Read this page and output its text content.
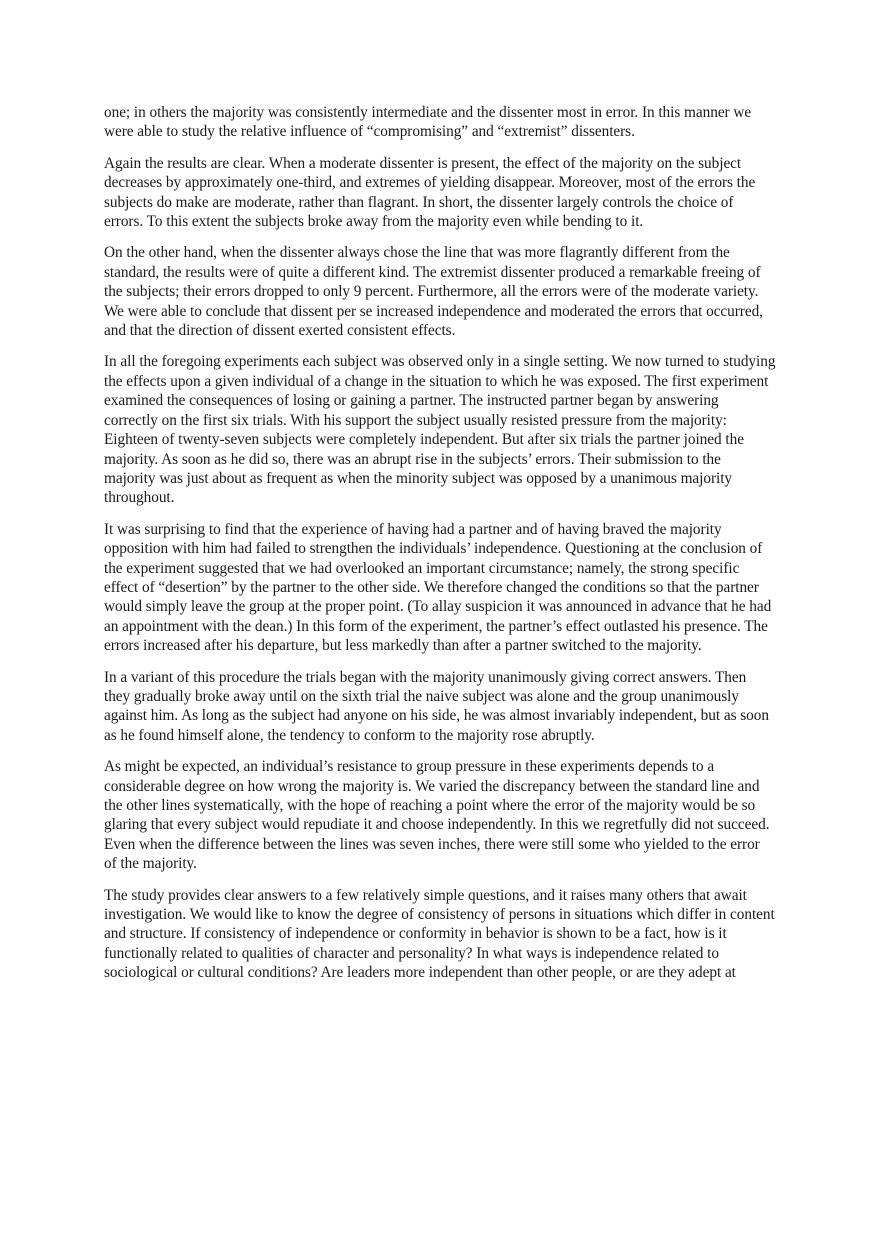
one; in others the majority was consistently intermediate and the dissenter most in error. In this manner we were able to study the relative influence of “compromising” and “extremist” dissenters.

Again the results are clear. When a moderate dissenter is present, the effect of the majority on the subject decreases by approximately one-third, and extremes of yielding disappear. Moreover, most of the errors the subjects do make are moderate, rather than flagrant. In short, the dissenter largely controls the choice of errors. To this extent the subjects broke away from the majority even while bending to it.

On the other hand, when the dissenter always chose the line that was more flagrantly different from the standard, the results were of quite a different kind. The extremist dissenter produced a remarkable freeing of the subjects; their errors dropped to only 9 percent. Furthermore, all the errors were of the moderate variety. We were able to conclude that dissent per se increased independence and moderated the errors that occurred, and that the direction of dissent exerted consistent effects.

In all the foregoing experiments each subject was observed only in a single setting. We now turned to studying the effects upon a given individual of a change in the situation to which he was exposed. The first experiment examined the consequences of losing or gaining a partner. The instructed partner began by answering correctly on the first six trials. With his support the subject usually resisted pressure from the majority: Eighteen of twenty-seven subjects were completely independent. But after six trials the partner joined the majority. As soon as he did so, there was an abrupt rise in the subjects’ errors. Their submission to the majority was just about as frequent as when the minority subject was opposed by a unanimous majority throughout.

It was surprising to find that the experience of having had a partner and of having braved the majority opposition with him had failed to strengthen the individuals’ independence. Questioning at the conclusion of the experiment suggested that we had overlooked an important circumstance; namely, the strong specific effect of “desertion” by the partner to the other side. We therefore changed the conditions so that the partner would simply leave the group at the proper point. (To allay suspicion it was announced in advance that he had an appointment with the dean.) In this form of the experiment, the partner’s effect outlasted his presence. The errors increased after his departure, but less markedly than after a partner switched to the majority.

In a variant of this procedure the trials began with the majority unanimously giving correct answers. Then they gradually broke away until on the sixth trial the naive subject was alone and the group unanimously against him. As long as the subject had anyone on his side, he was almost invariably independent, but as soon as he found himself alone, the tendency to conform to the majority rose abruptly.

As might be expected, an individual’s resistance to group pressure in these experiments depends to a considerable degree on how wrong the majority is. We varied the discrepancy between the standard line and the other lines systematically, with the hope of reaching a point where the error of the majority would be so glaring that every subject would repudiate it and choose independently. In this we regretfully did not succeed. Even when the difference between the lines was seven inches, there were still some who yielded to the error of the majority.

The study provides clear answers to a few relatively simple questions, and it raises many others that await investigation. We would like to know the degree of consistency of persons in situations which differ in content and structure. If consistency of independence or conformity in behavior is shown to be a fact, how is it functionally related to qualities of character and personality? In what ways is independence related to sociological or cultural conditions? Are leaders more independent than other people, or are they adept at
